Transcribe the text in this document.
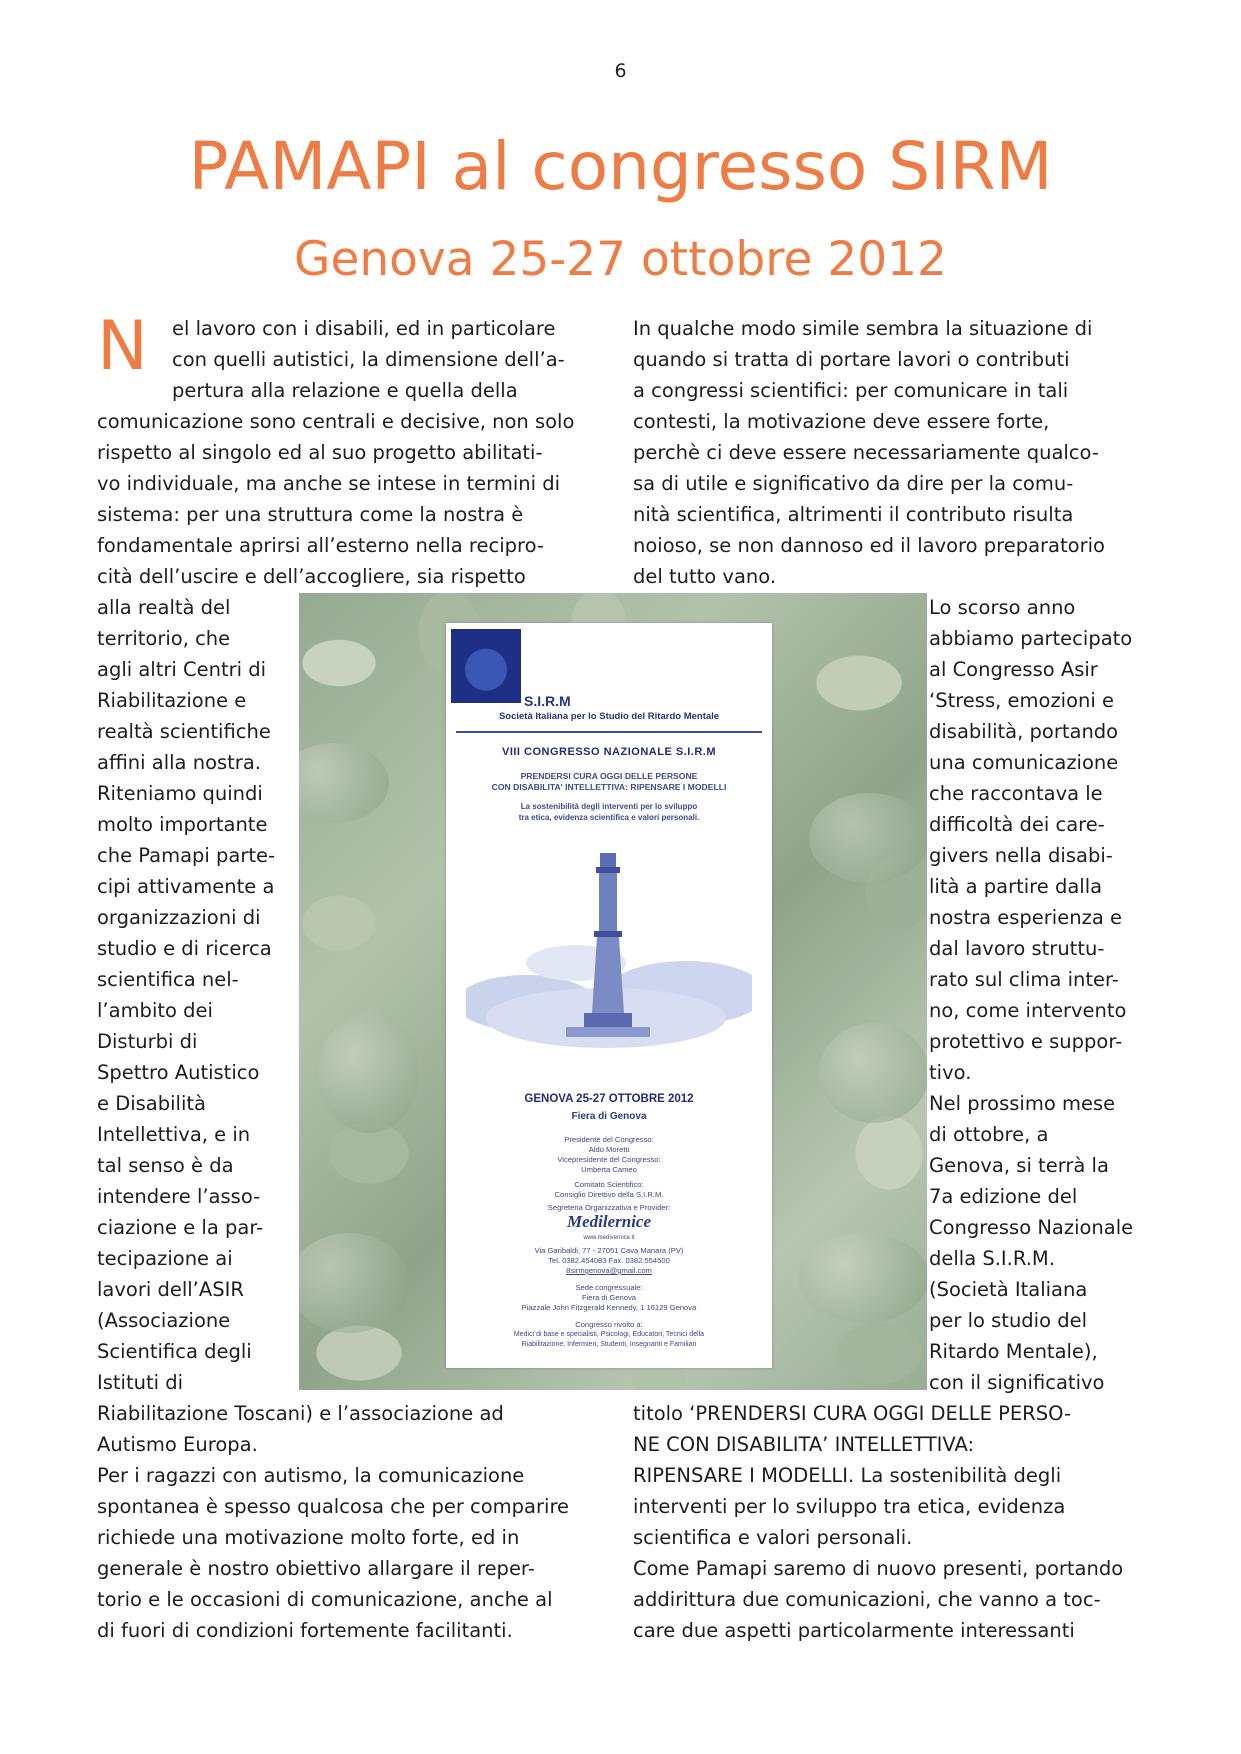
6
PAMAPI al congresso SIRM
Genova 25-27 ottobre 2012
N el lavoro con i disabili, ed in particolare
con quelli autistici, la dimensione dell’a-
pertura alla relazione e quella della
comunicazione sono centrali e decisive, non solo
rispetto al singolo ed al suo progetto abilitati-
vo individuale, ma anche se intese in termini di
sistema: per una struttura come la nostra è
fondamentale aprirsi all’esterno nella recipro-
cità dell’uscire e dell’accogliere, sia rispetto
alla realtà del
territorio, che
agli altri Centri di
Riabilitazione e
realtà scientifiche
affini alla nostra.
Riteniamo quindi
molto importante
che Pamapi parte-
cipi attivamente a
organizzazioni di
studio e di ricerca
scientifica nel-
l’ambito dei
Disturbi di
Spettro Autistico
e Disabilità
Intellettiva, e in
tal senso è da
intendere l’asso-
ciazione e la par-
tecipazione ai
lavori dell’ASIR
(Associazione
Scientifica degli
Istituti di
Riabilitazione Toscani) e l’associazione ad
Autismo Europa.
Per i ragazzi con autismo, la comunicazione
spontanea è spesso qualcosa che per comparire
richiede una motivazione molto forte, ed in
generale è nostro obiettivo allargare il reper-
torio e le occasioni di comunicazione, anche al
di fuori di condizioni fortemente facilitanti.
In qualche modo simile sembra la situazione di
quando si tratta di portare lavori o contributi
a congressi scientifici: per comunicare in tali
contesti, la motivazione deve essere forte,
perchè ci deve essere necessariamente qualco-
sa di utile e significativo da dire per la comu-
nità scientifica, altrimenti il contributo risulta
noioso, se non dannoso ed il lavoro preparatorio
del tutto vano.
Lo scorso anno
abbiamo partecipato
al Congresso Asir
‘Stress, emozioni e
disabilità, portando
una comunicazione
che raccontava le
difficoltà dei care-
givers nella disabi-
lità a partire dalla
nostra esperienza e
dal lavoro struttu-
rato sul clima inter-
no, come intervento
protettivo e suppor-
tivo.
Nel prossimo mese
di ottobre, a
Genova, si terrà la
7a edizione del
Congresso Nazionale
della S.I.R.M.
(Società Italiana
per lo studio del
Ritardo Mentale),
con il significativo
titolo ‘PRENDERSI CURA OGGI DELLE PERSO-
NE CON DISABILITA’ INTELLETTIVA:
RIPENSARE I MODELLI. La sostenibilità degli
interventi per lo sviluppo tra etica, evidenza
scientifica e valori personali.
Come Pamapi saremo di nuovo presenti, portando
addirittura due comunicazioni, che vanno a toc-
care due aspetti particolarmente interessanti
S.I.R.M
Società Italiana per lo Studio del Ritardo Mentale
VIII CONGRESSO NAZIONALE S.I.R.M
PRENDERSI CURA OGGI DELLE PERSONE
CON DISABILITA' INTELLETTIVA: RIPENSARE I MODELLI
La sostenibilità degli interventi per lo sviluppo
tra etica, evidenza scientifica e valori personali.
GENOVA 25-27 OTTOBRE 2012
Fiera di Genova
Presidente del Congresso:
Aldo Moretti
Vicepresidente del Congresso:
Umberta Cameo
Comitato Scientifico:
Consiglio Direttivo della S.I.R.M.
Segreteria Organizzativa e Provider:
Medilernice
www.medivernice.it
Via Garibaldi, 77 - 27051 Cava Manara (PV)
Tel. 0382.454083 Fax. 0382.554500
8sirmgenova@gmail.com
Sede congressuale:
Fiera di Genova
Piazzale John Fitzgerald Kennedy, 1 16129 Genova
Congresso rivolto a:
Medici di base e specialisti, Psicologi, Educatori, Tecnici della
Riabilitazione, Infermieri, Studenti, Insegnanti e Familiari
